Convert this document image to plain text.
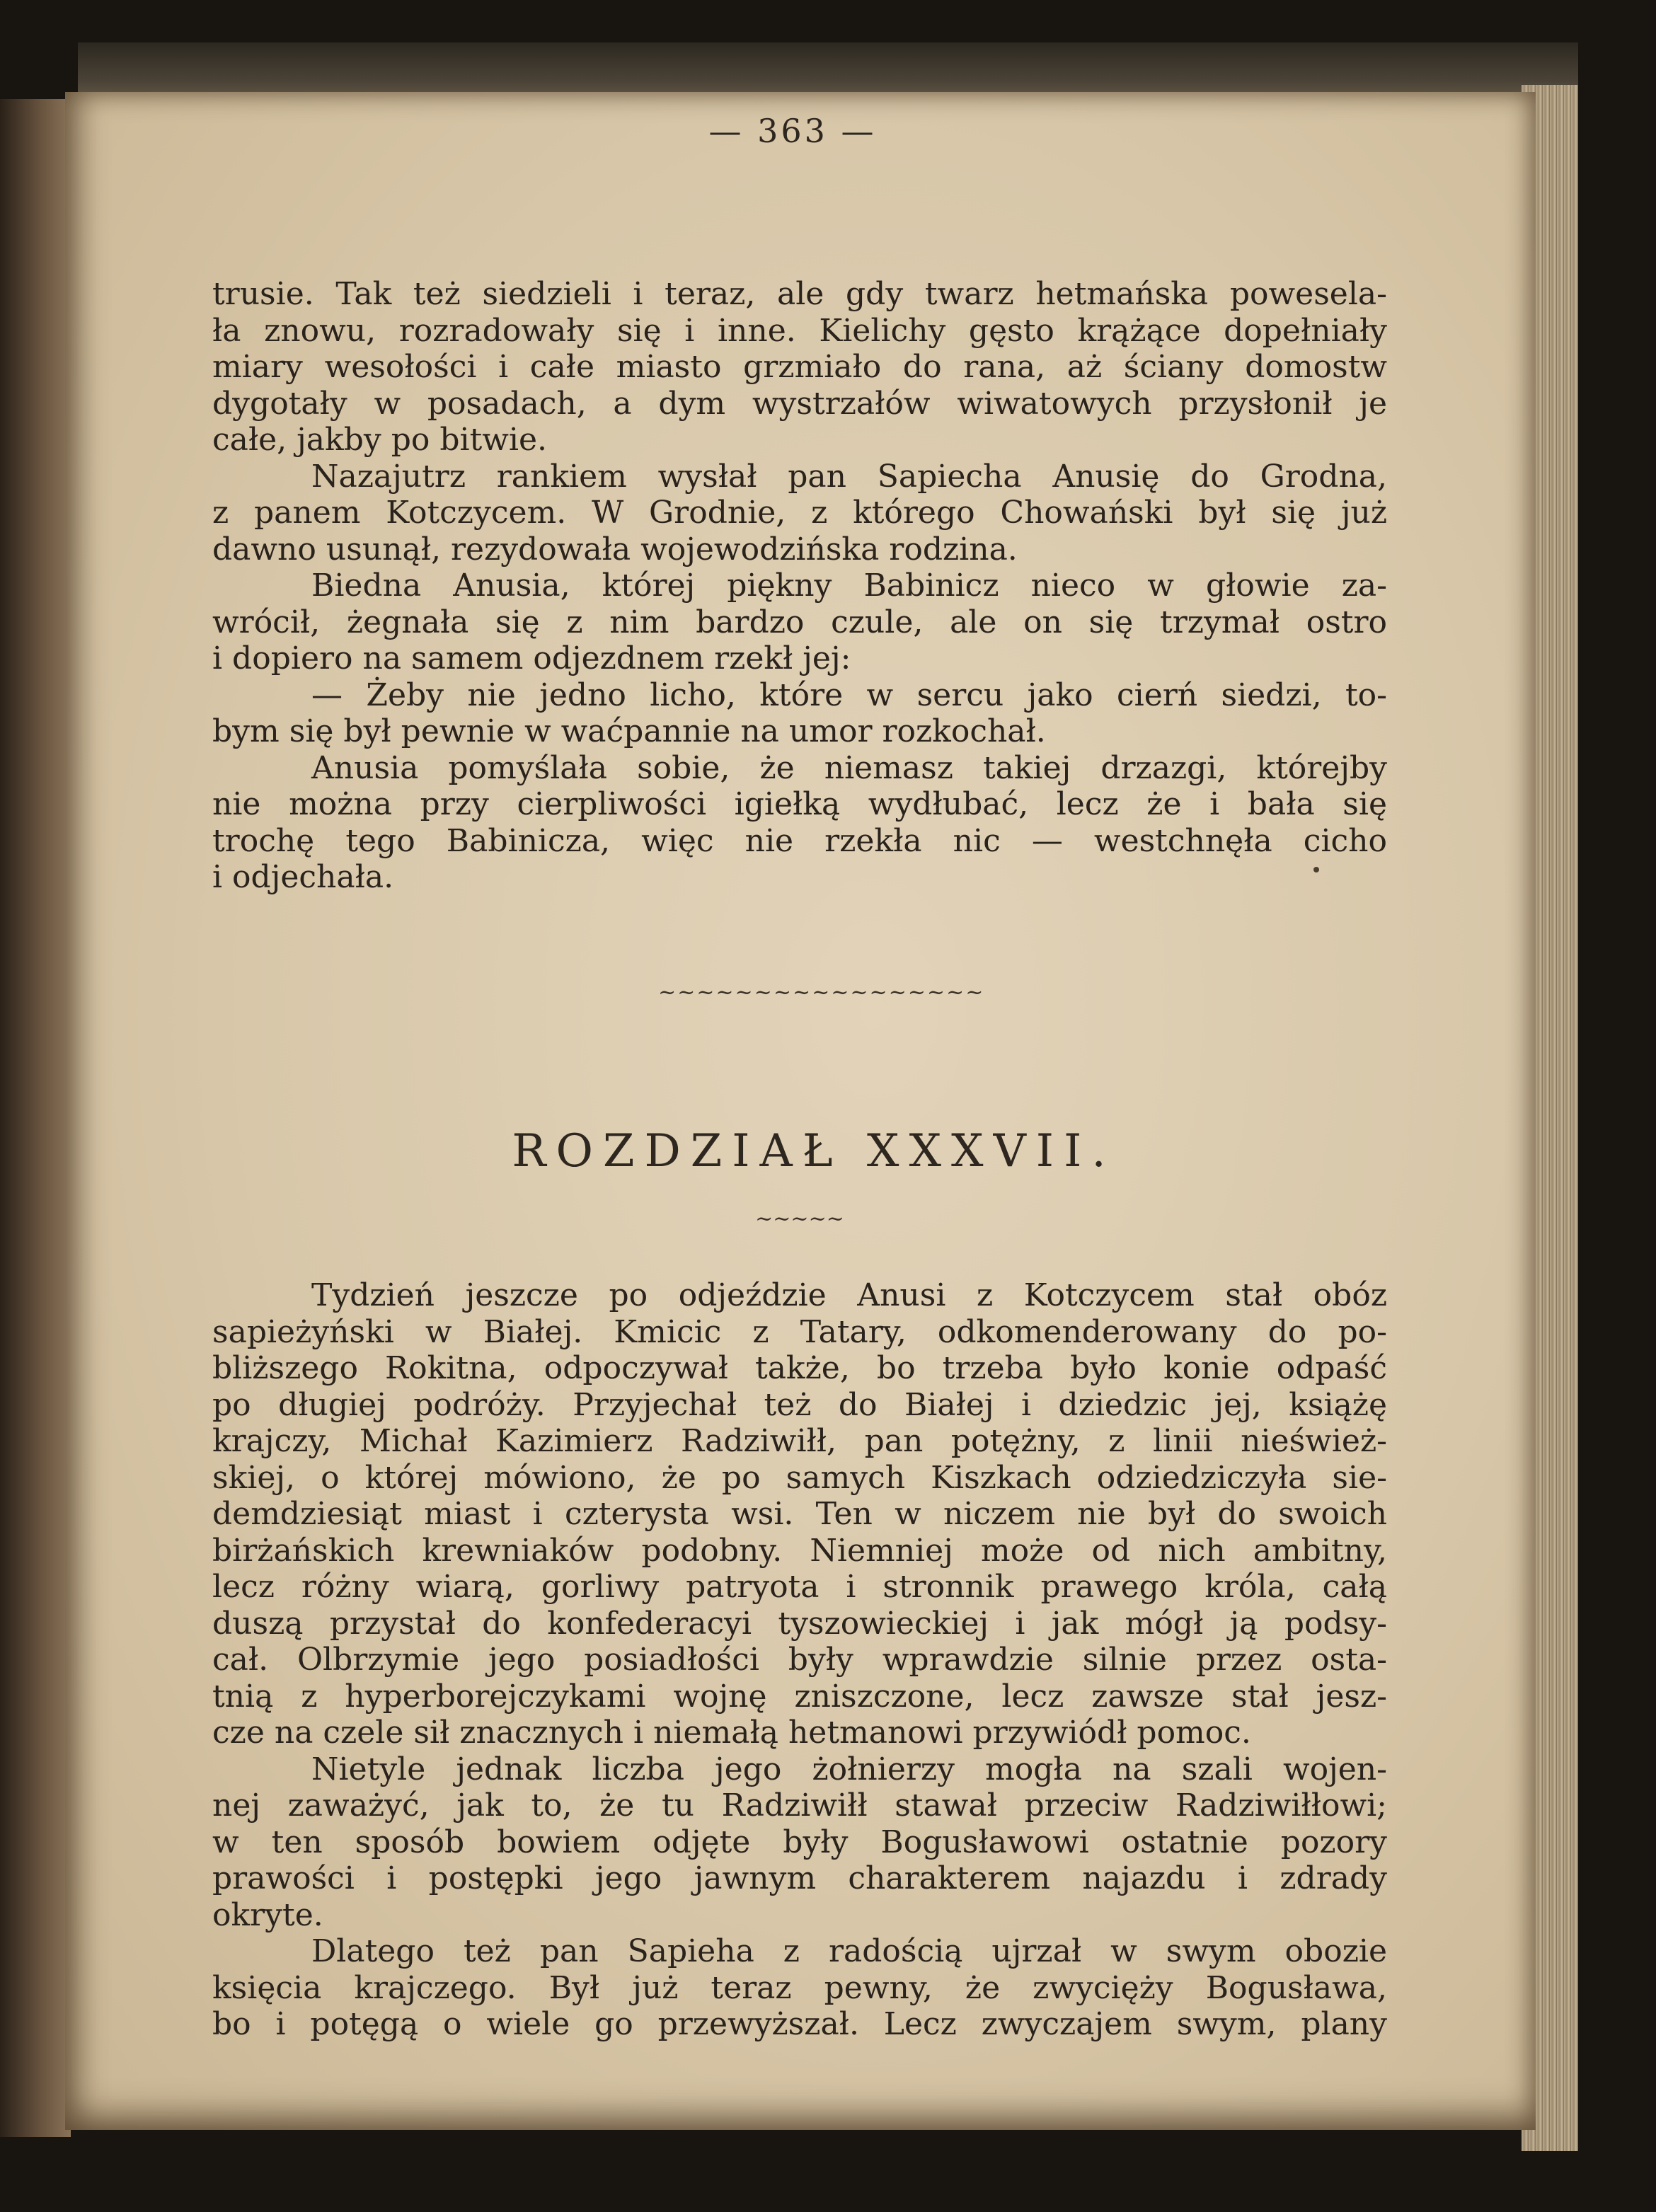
— 363 —
trusie. Tak też siedzieli i teraz, ale gdy twarz hetmańska powesela-
ła znowu, rozradowały się i inne. Kielichy gęsto krążące dopełniały
miary wesołości i całe miasto grzmiało do rana, aż ściany domostw
dygotały w posadach, a dym wystrzałów wiwatowych przysłonił je
całe, jakby po bitwie.
Nazajutrz rankiem wysłał pan Sapiecha Anusię do Grodna,
z panem Kotczycem. W Grodnie, z którego Chowański był się już
dawno usunął, rezydowała wojewodzińska rodzina.
Biedna Anusia, której piękny Babinicz nieco w głowie za-
wrócił, żegnała się z nim bardzo czule, ale on się trzymał ostro
i dopiero na samem odjezdnem rzekł jej:
— Żeby nie jedno licho, które w sercu jako cierń siedzi, to-
bym się był pewnie w waćpannie na umor rozkochał.
Anusia pomyślała sobie, że niemasz takiej drzazgi, którejby
nie można przy cierpliwości igiełką wydłubać, lecz że i bała się
trochę tego Babinicza, więc nie rzekła nic — westchnęła cicho
i odjechała.
~~~~~~~~~~~~~~~~~
ROZDZIAŁ XXXVII.
~~~~~
Tydzień jeszcze po odjeździe Anusi z Kotczycem stał obóz
sapieżyński w Białej. Kmicic z Tatary, odkomenderowany do po-
bliższego Rokitna, odpoczywał także, bo trzeba było konie odpaść
po długiej podróży. Przyjechał też do Białej i dziedzic jej, książę
krajczy, Michał Kazimierz Radziwiłł, pan potężny, z linii nieśwież-
skiej, o której mówiono, że po samych Kiszkach odziedziczyła sie-
demdziesiąt miast i czterysta wsi. Ten w niczem nie był do swoich
birżańskich krewniaków podobny. Niemniej może od nich ambitny,
lecz różny wiarą, gorliwy patryota i stronnik prawego króla, całą
duszą przystał do konfederacyi tyszowieckiej i jak mógł ją podsy-
cał. Olbrzymie jego posiadłości były wprawdzie silnie przez osta-
tnią z hyperborejczykami wojnę zniszczone, lecz zawsze stał jesz-
cze na czele sił znacznych i niemałą hetmanowi przywiódł pomoc.
Nietyle jednak liczba jego żołnierzy mogła na szali wojen-
nej zaważyć, jak to, że tu Radziwiłł stawał przeciw Radziwiłłowi;
w ten sposób bowiem odjęte były Bogusławowi ostatnie pozory
prawości i postępki jego jawnym charakterem najazdu i zdrady
okryte.
Dlatego też pan Sapieha z radością ujrzał w swym obozie
księcia krajczego. Był już teraz pewny, że zwycięży Bogusława,
bo i potęgą o wiele go przewyższał. Lecz zwyczajem swym, plany
